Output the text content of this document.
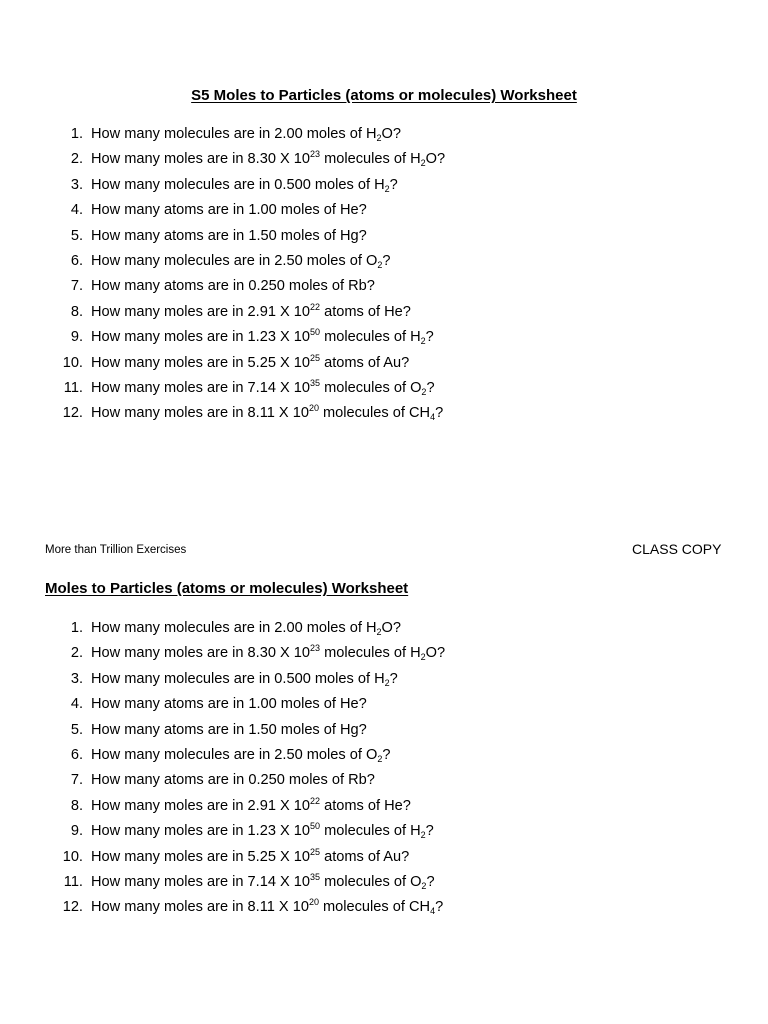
S5 Moles to Particles (atoms or molecules) Worksheet
1. How many molecules are in 2.00 moles of $H_2O$?
2. How many moles are in 8.30 X $10^{23}$ molecules of $H_2O$?
3. How many molecules are in 0.500 moles of $H_2$?
4. How many atoms are in 1.00 moles of He?
5. How many atoms are in 1.50 moles of Hg?
6. How many molecules are in 2.50 moles of $O_2$?
7. How many atoms are in 0.250 moles of Rb?
8. How many moles are in 2.91 X $10^{22}$ atoms of He?
9. How many moles are in 1.23 X $10^{50}$ molecules of $H_2$?
10. How many moles are in 5.25 X $10^{25}$ atoms of Au?
11. How many moles are in 7.14 X $10^{35}$ molecules of $O_2$?
12. How many moles are in 8.11 X $10^{20}$ molecules of $CH_4$?
More than Trillion Exercises	CLASS COPY
Moles to Particles (atoms or molecules) Worksheet
1. How many molecules are in 2.00 moles of $H_2O$?
2. How many moles are in 8.30 X $10^{23}$ molecules of $H_2O$?
3. How many molecules are in 0.500 moles of $H_2$?
4. How many atoms are in 1.00 moles of He?
5. How many atoms are in 1.50 moles of Hg?
6. How many molecules are in 2.50 moles of $O_2$?
7. How many atoms are in 0.250 moles of Rb?
8. How many moles are in 2.91 X $10^{22}$ atoms of He?
9. How many moles are in 1.23 X $10^{50}$ molecules of $H_2$?
10. How many moles are in 5.25 X $10^{25}$ atoms of Au?
11. How many moles are in 7.14 X $10^{35}$ molecules of $O_2$?
12. How many moles are in 8.11 X $10^{20}$ molecules of $CH_4$?
